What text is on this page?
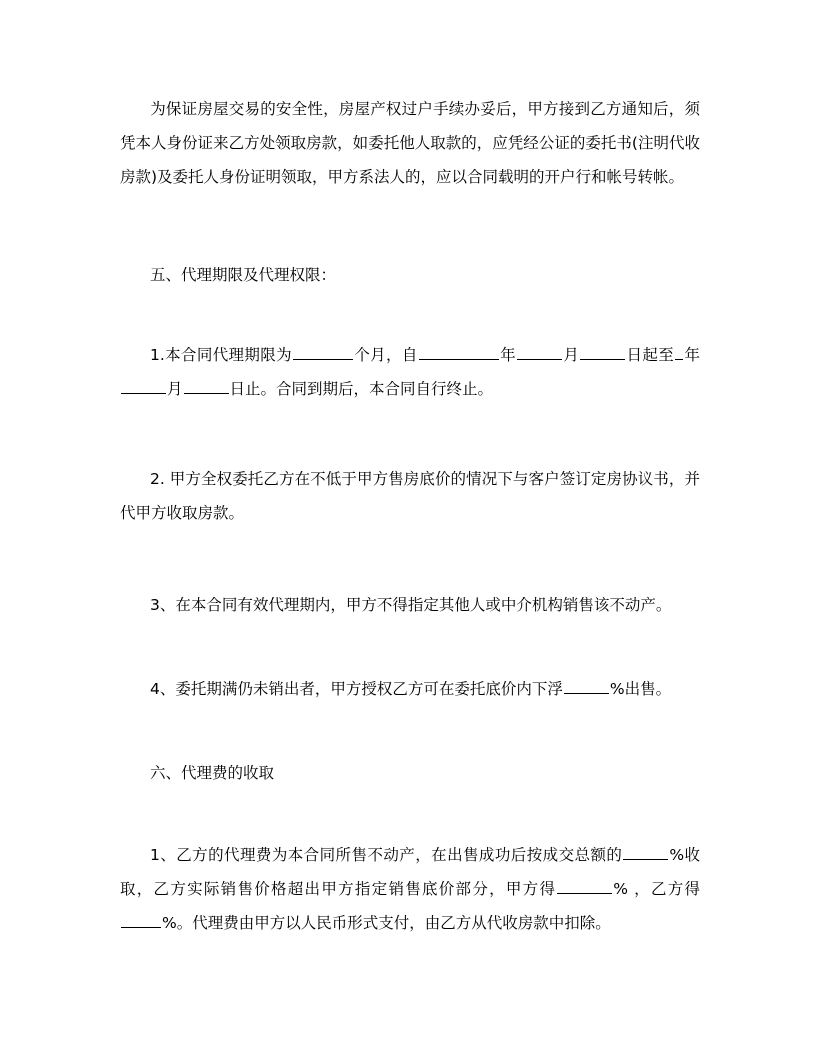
为保证房屋交易的安全性，房屋产权过户手续办妥后，甲方接到乙方通知后，须凭本人身份证来乙方处领取房款，如委托他人取款的，应凭经公证的委托书(注明代收房款)及委托人身份证明领取，甲方系法人的，应以合同载明的开户行和帐号转帐。

五、代理期限及代理权限：

1.本合同代理期限为	个月，自	年	月	日起至 年月	日止。合同到期后，本合同自行终止。

2. 甲方全权委托乙方在不低于甲方售房底价的情况下与客户签订定房协议书，并代甲方收取房款。

3、在本合同有效代理期内，甲方不得指定其他人或中介机构销售该不动产。

4、委托期满仍未销出者，甲方授权乙方可在委托底价内下浮	%出售。

六、代理费的收取

1、乙方的代理费为本合同所售不动产，在出售成功后按成交总额的	%收取，乙方实际销售价格超出甲方指定销售底价部分，甲方得	% ，乙方得%。代理费由甲方以人民币形式支付，由乙方从代收房款中扣除。
